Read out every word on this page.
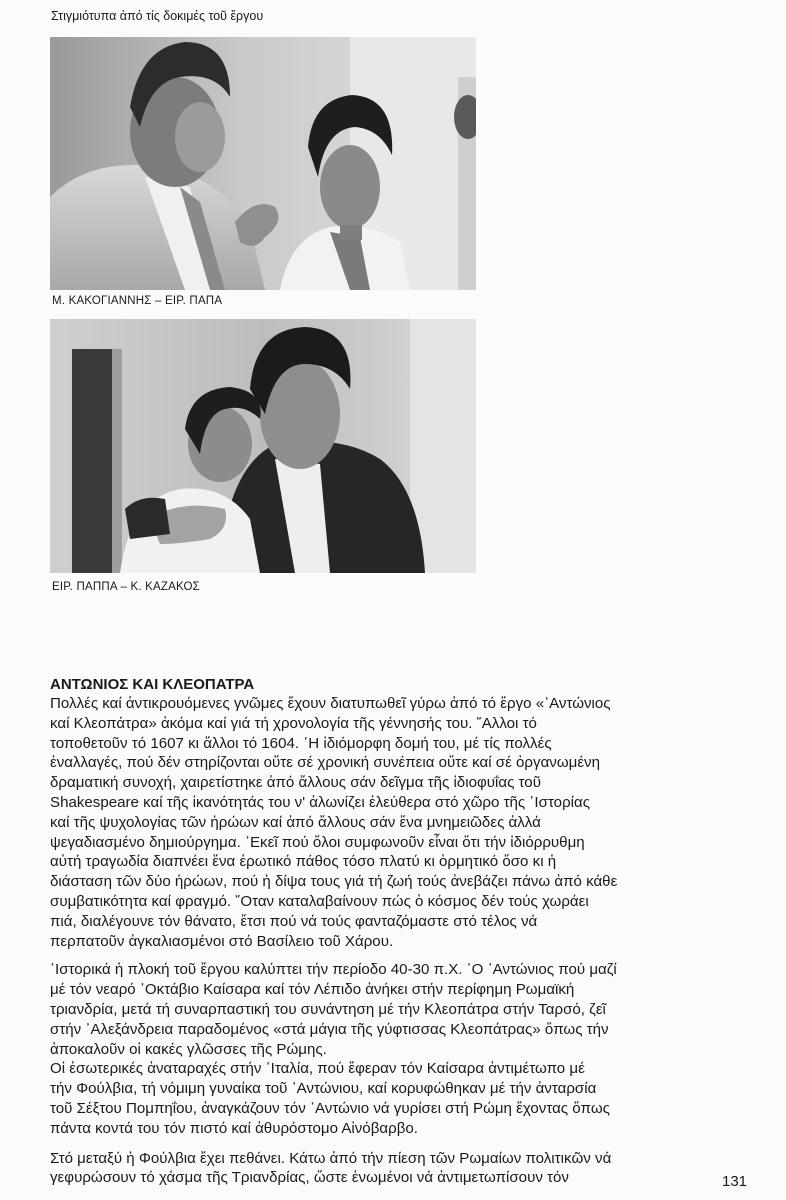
Στιγμιότυπα ἀπό τίς δοκιμές τοῦ ἔργου
Μ. ΚΑΚΟΓΙΑΝΝΗΣ – ΕΙΡ. ΠΑΠΑ
ΕΙΡ. ΠΑΠΠΑ – Κ. ΚΑΖΑΚΟΣ
ΑΝΤΩΝΙΟΣ ΚΑΙ ΚΛΕΟΠΑΤΡΑ

Πολλές καί ἀντικρουόμενες γνῶμες ἔχουν διατυπωθεῖ γύρω ἀπό τό ἔργο «᾿Αντώνιος
καί Κλεοπάτρα» ἀκόμα καί γιά τή χρονολογία τῆς γέννησής του. ῎Αλλοι τό
τοποθετοῦν τό 1607 κι ἄλλοι τό 1604. ῾Η ἰδιόμορφη δομή του, μέ τίς πολλές
ἐναλλαγές, πού δέν στηρίζονται οὔτε σέ χρονική συνέπεια οὔτε καί σέ ὀργανωμένη
δραματική συνοχή, χαιρετίστηκε ἀπό ἄλλους σάν δεῖγμα τῆς ἰδιοφυΐας τοῦ
Shakespeare καί τῆς ἱκανότητάς του ν' ἀλωνίζει ἐλεύθερα στό χῶρο τῆς ῾Ιστορίας
καί τῆς ψυχολογίας τῶν ἡρώων καί ἀπό ἄλλους σάν ἕνα μνημειῶδες ἀλλά
ψεγαδιασμένο δημιούργημα. ᾿Εκεῖ πού ὅλοι συμφωνοῦν εἶναι ὅτι τήν ἰδιόρρυθμη
αὐτή τραγωδία διαπνέει ἕνα ἐρωτικό πάθος τόσο πλατύ κι ὁρμητικό ὅσο κι ἡ
διάσταση τῶν δύο ἡρώων, πού ἡ δίψα τους γιά τή ζωή τούς ἀνεβάζει πάνω ἀπό κάθε
συμβατικότητα καί φραγμό. ῞Οταν καταλαβαίνουν πώς ὁ κόσμος δέν τούς χωράει
πιά, διαλέγουνε τόν θάνατο, ἔτσι πού νά τούς φανταζόμαστε στό τέλος νά
περπατοῦν ἀγκαλιασμένοι στό Βασίλειο τοῦ Χάρου.

῾Ιστορικά ἡ πλοκή τοῦ ἔργου καλύπτει τήν περίοδο 40-30 π.Χ. ῾Ο ᾿Αντώνιος πού μαζί
μέ τόν νεαρό ᾿Οκτάβιο Καίσαρα καί τόν Λέπιδο ἀνήκει στήν περίφημη Ρωμαϊκή
τριανδρία, μετά τή συναρπαστική του συνάντηση μέ τήν Κλεοπάτρα στήν Ταρσό, ζεῖ
στήν ᾿Αλεξάνδρεια παραδομένος «στά μάγια τῆς γύφτισσας Κλεοπάτρας» ὅπως τήν
ἀποκαλοῦν οἱ κακές γλῶσσες τῆς Ρώμης.
Οἱ ἐσωτερικές ἀναταραχές στήν ᾿Ιταλία, πού ἔφεραν τόν Καίσαρα ἀντιμέτωπο μέ
τήν Φούλβια, τή νόμιμη γυναίκα τοῦ ᾿Αντώνιου, καί κορυφώθηκαν μέ τήν ἀνταρσία
τοῦ Σέξτου Πομπηΐου, ἀναγκάζουν τόν ᾿Αντώνιο νά γυρίσει στή Ρώμη ἔχοντας ὅπως
πάντα κοντά του τόν πιστό καί ἀθυρόστομο Αἰνόβαρβο.

Στό μεταξύ ἡ Φούλβια ἔχει πεθάνει. Κάτω ἀπό τήν πίεση τῶν Ρωμαίων πολιτικῶν νά
γεφυρώσουν τό χάσμα τῆς Τριανδρίας, ὥστε ἑνωμένοι νά ἀντιμετωπίσουν τόν	131
